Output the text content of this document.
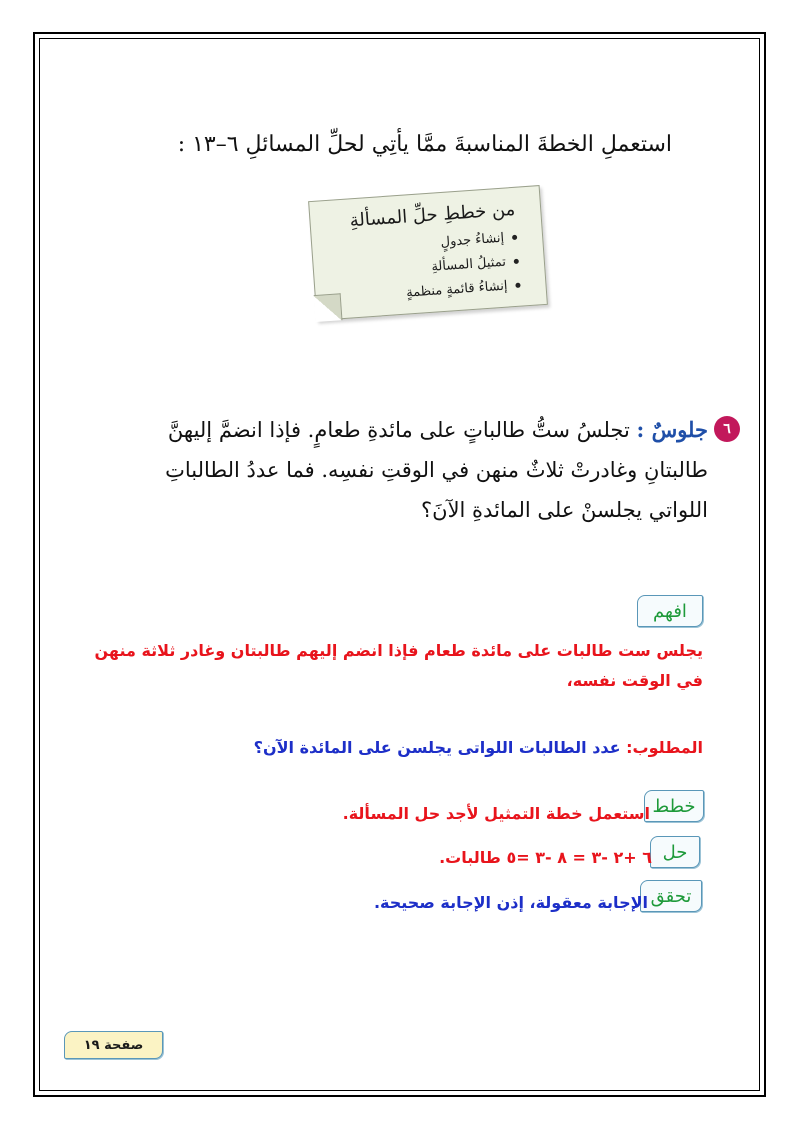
استعملِ الخطةَ المناسبةَ ممَّا يأتِي لحلِّ المسائلِ ٦–١٣ :
من خططِ حلِّ المسألةِ
إنشاءُ جدولٍ
تمثيلُ المسألةِ
إنشاءُ قائمةٍ منظمةٍ
٦
جلوسٌ : تجلسُ ستُّ طالباتٍ على مائدةِ طعامٍ. فإذا انضمَّ إليهنَّ طالبتانِ وغادرتْ ثلاثٌ منهن في الوقتِ نفسِه. فما عددُ الطالباتِ اللواتي يجلسنْ على المائدةِ الآنَ؟
افهم
يجلس ست طالبات على مائدة طعام فإذا انضم إليهم طالبتان وغادر ثلاثة منهن في الوقت نفسه،
المطلوب: عدد الطالبات اللواتى يجلسن على المائدة الآن؟
خطط
استعمل خطة التمثيل لأجد حل المسألة.
حل
٦ +٢ -٣ = ٨ -٣ =٥ طالبات.
تحقق
الإجابة معقولة، إذن الإجابة صحيحة.
صفحة ١٩
